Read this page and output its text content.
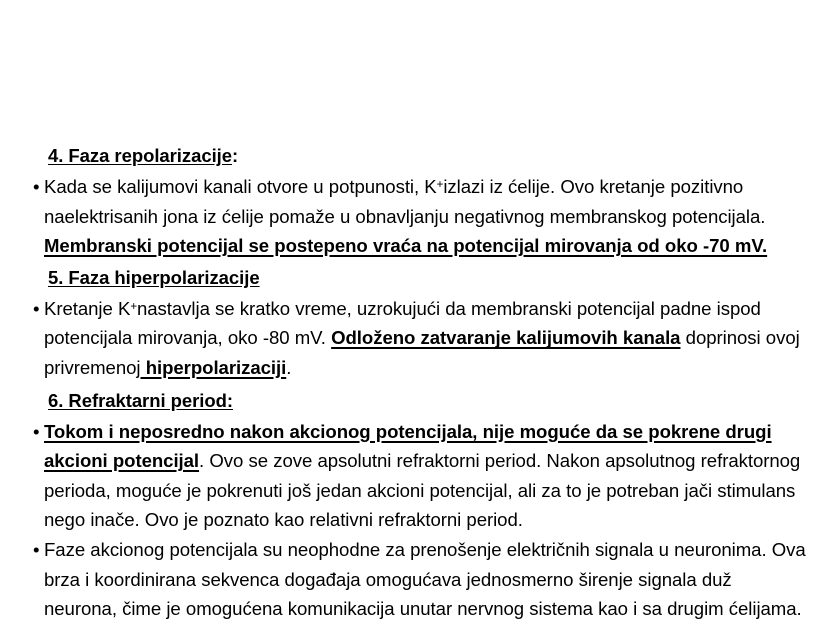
4. Faza repolarizacije:
• Kada se kalijumovi kanali otvore u potpunosti, K+izlazi iz ćelije. Ovo kretanje pozitivno naelektrisanih jona iz ćelije pomaže u obnavljanju negativnog membranskog potencijala. Membranski potencijal se postepeno vraća na potencijal mirovanja od oko -70 mV.
5. Faza hiperpolarizacije
• Kretanje K+nastavlja se kratko vreme, uzrokujući da membranski potencijal padne ispod potencijala mirovanja, oko -80 mV. Odloženo zatvaranje kalijumovih kanala doprinosi ovoj privremenoj hiperpolarizaciji.
6. Refraktarni period:
• Tokom i neposredno nakon akcionog potencijala, nije moguće da se pokrene drugi akcioni potencijal. Ovo se zove apsolutni refraktorni period. Nakon apsolutnog refraktornog perioda, moguće je pokrenuti još jedan akcioni potencijal, ali za to je potreban jači stimulans nego inače. Ovo je poznato kao relativni refraktorni period.
• Faze akcionog potencijala su neophodne za prenošenje električnih signala u neuronima. Ova brza i koordinirana sekvenca događaja omogućava jednosmerno širenje signala duž neurona, čime je omogućena komunikacija unutar nervnog sistema kao i sa drugim ćelijama.
